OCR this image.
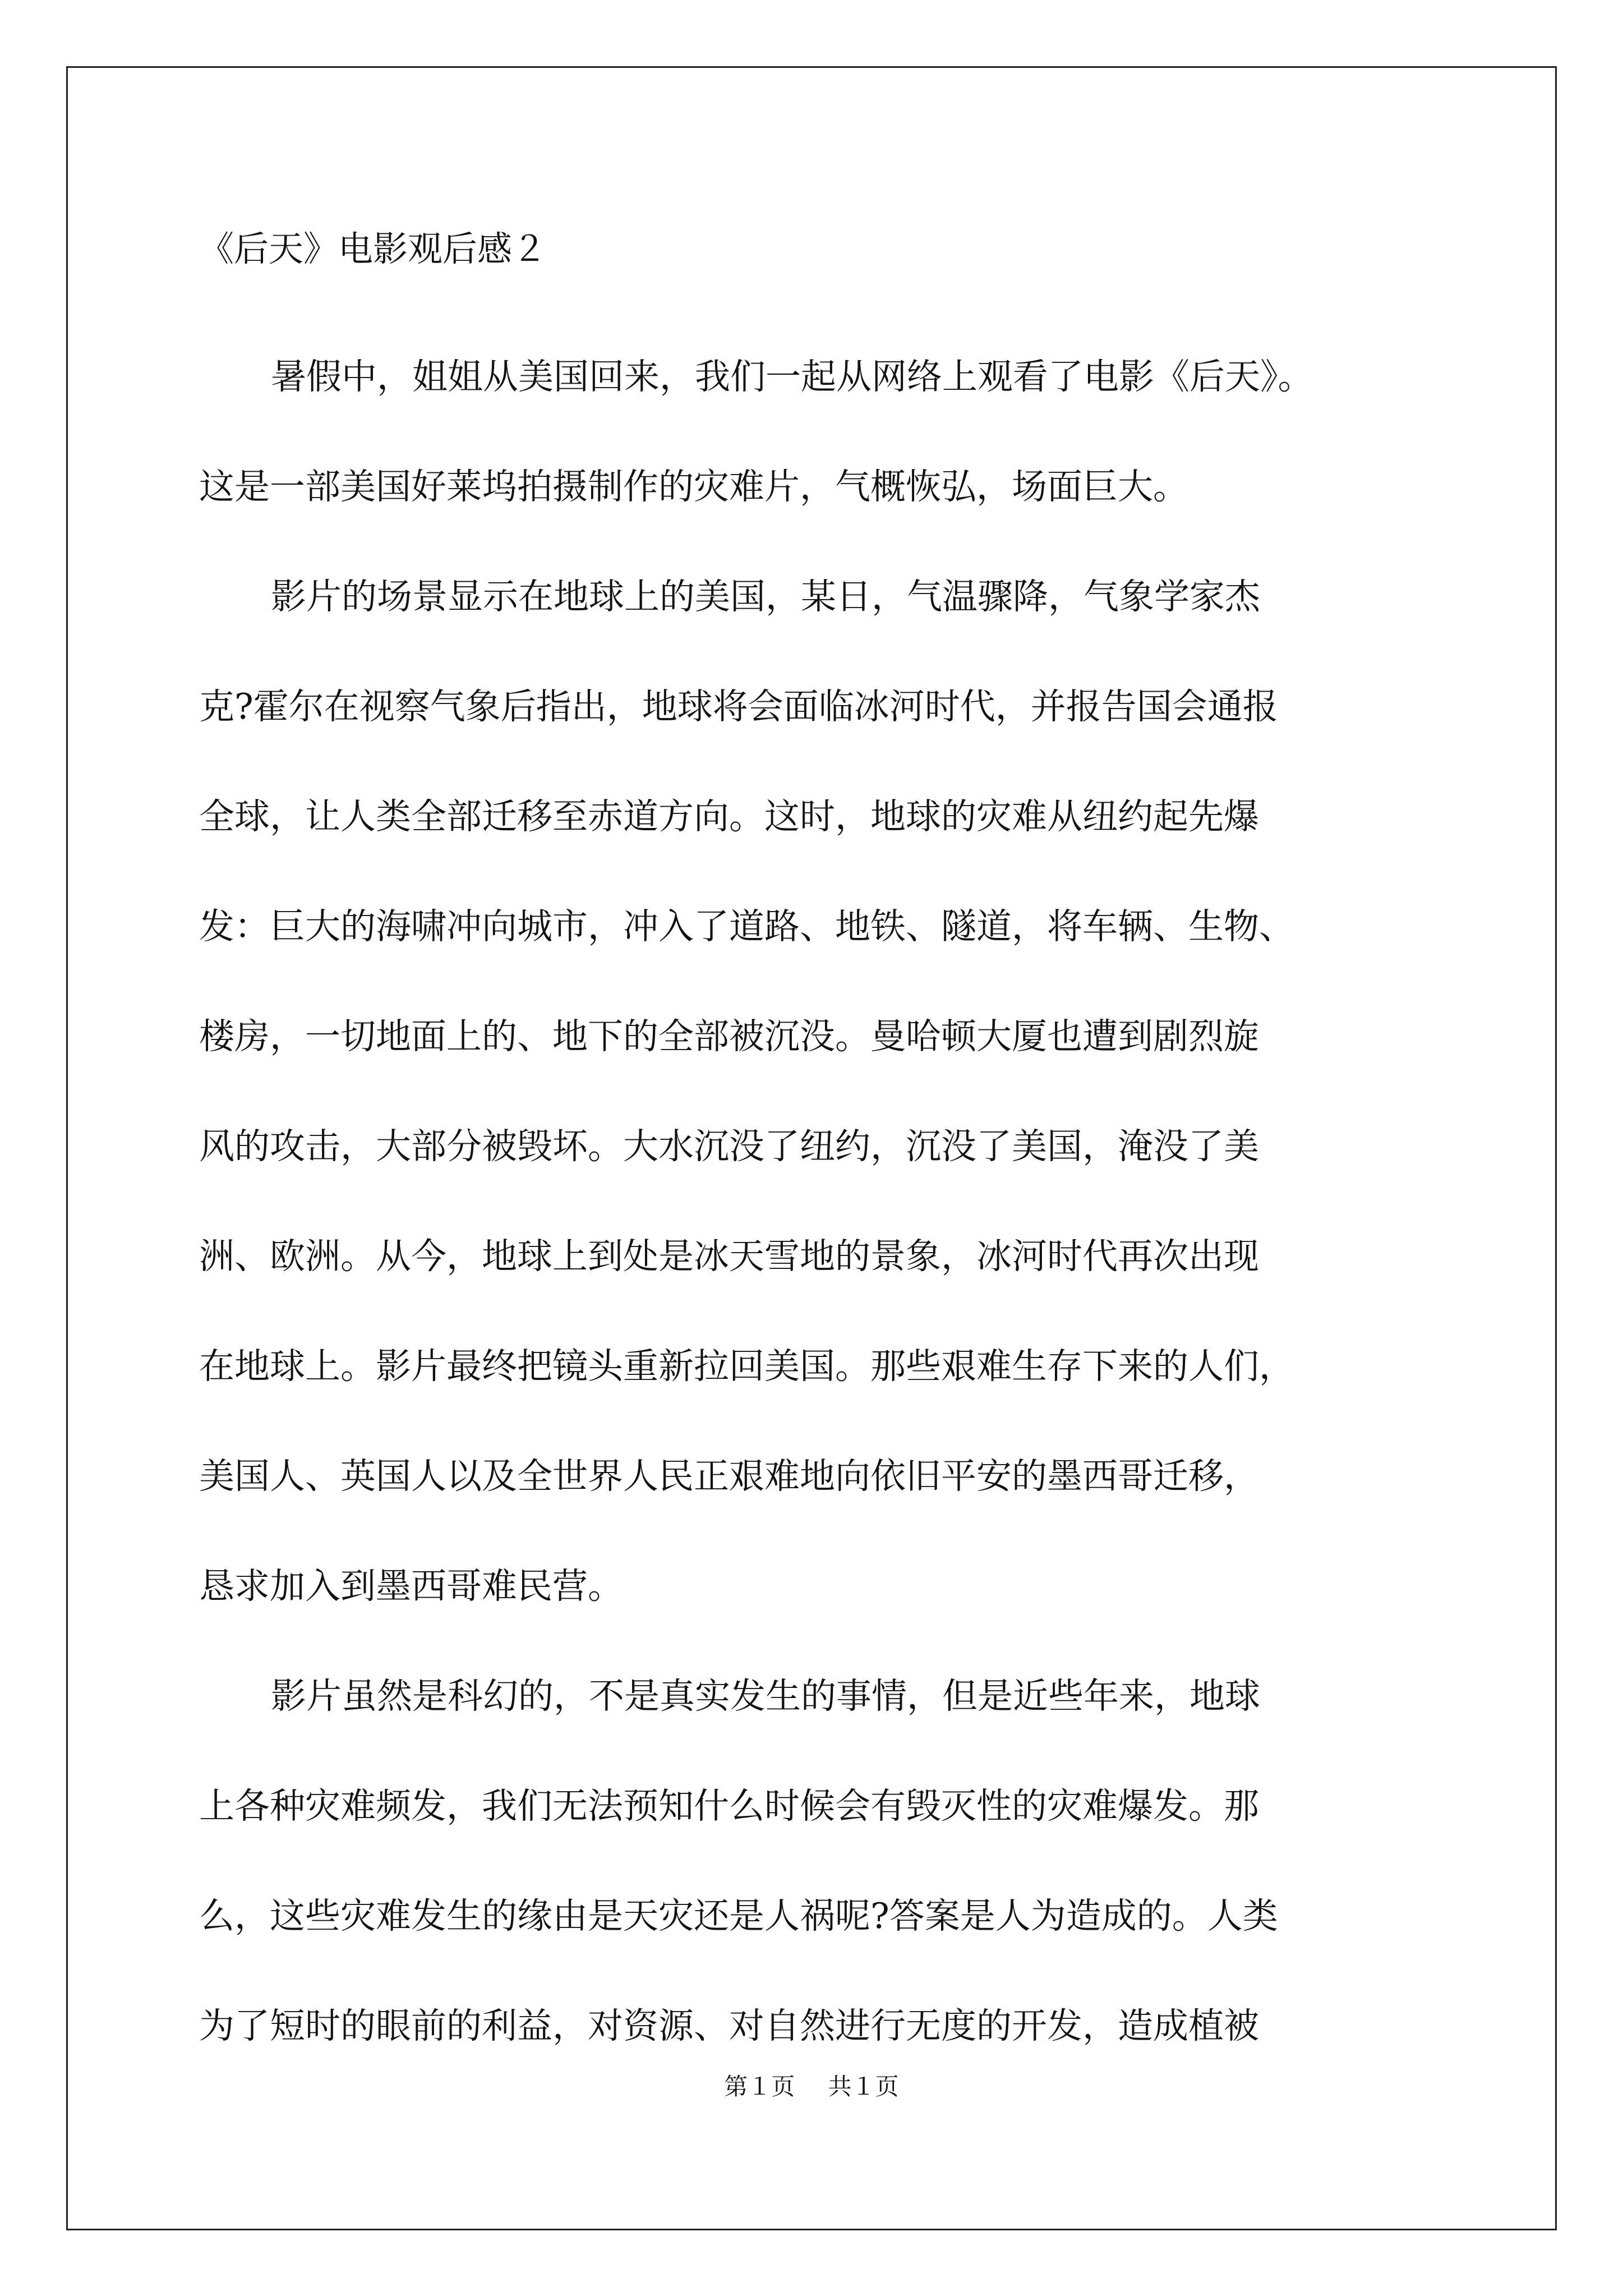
《后天》电影观后感２
暑假中，姐姐从美国回来，我们一起从网络上观看了电影《后天》。
这是一部美国好莱坞拍摄制作的灾难片，气概恢弘，场面巨大。
影片的场景显示在地球上的美国，某日，气温骤降，气象学家杰
克?霍尔在视察气象后指出，地球将会面临冰河时代，并报告国会通报
全球，让人类全部迁移至赤道方向。这时，地球的灾难从纽约起先爆
发：巨大的海啸冲向城市，冲入了道路、地铁、隧道，将车辆、生物、
楼房，一切地面上的、地下的全部被沉没。曼哈顿大厦也遭到剧烈旋
风的攻击，大部分被毁坏。大水沉没了纽约，沉没了美国，淹没了美
洲、欧洲。从今，地球上到处是冰天雪地的景象，冰河时代再次出现
在地球上。影片最终把镜头重新拉回美国。那些艰难生存下来的人们，
美国人、英国人以及全世界人民正艰难地向依旧平安的墨西哥迁移，
恳求加入到墨西哥难民营。
影片虽然是科幻的，不是真实发生的事情，但是近些年来，地球
上各种灾难频发，我们无法预知什么时候会有毁灭性的灾难爆发。那
么，这些灾难发生的缘由是天灾还是人祸呢?答案是人为造成的。人类
为了短时的眼前的利益，对资源、对自然进行无度的开发，造成植被
第１页 共１页
